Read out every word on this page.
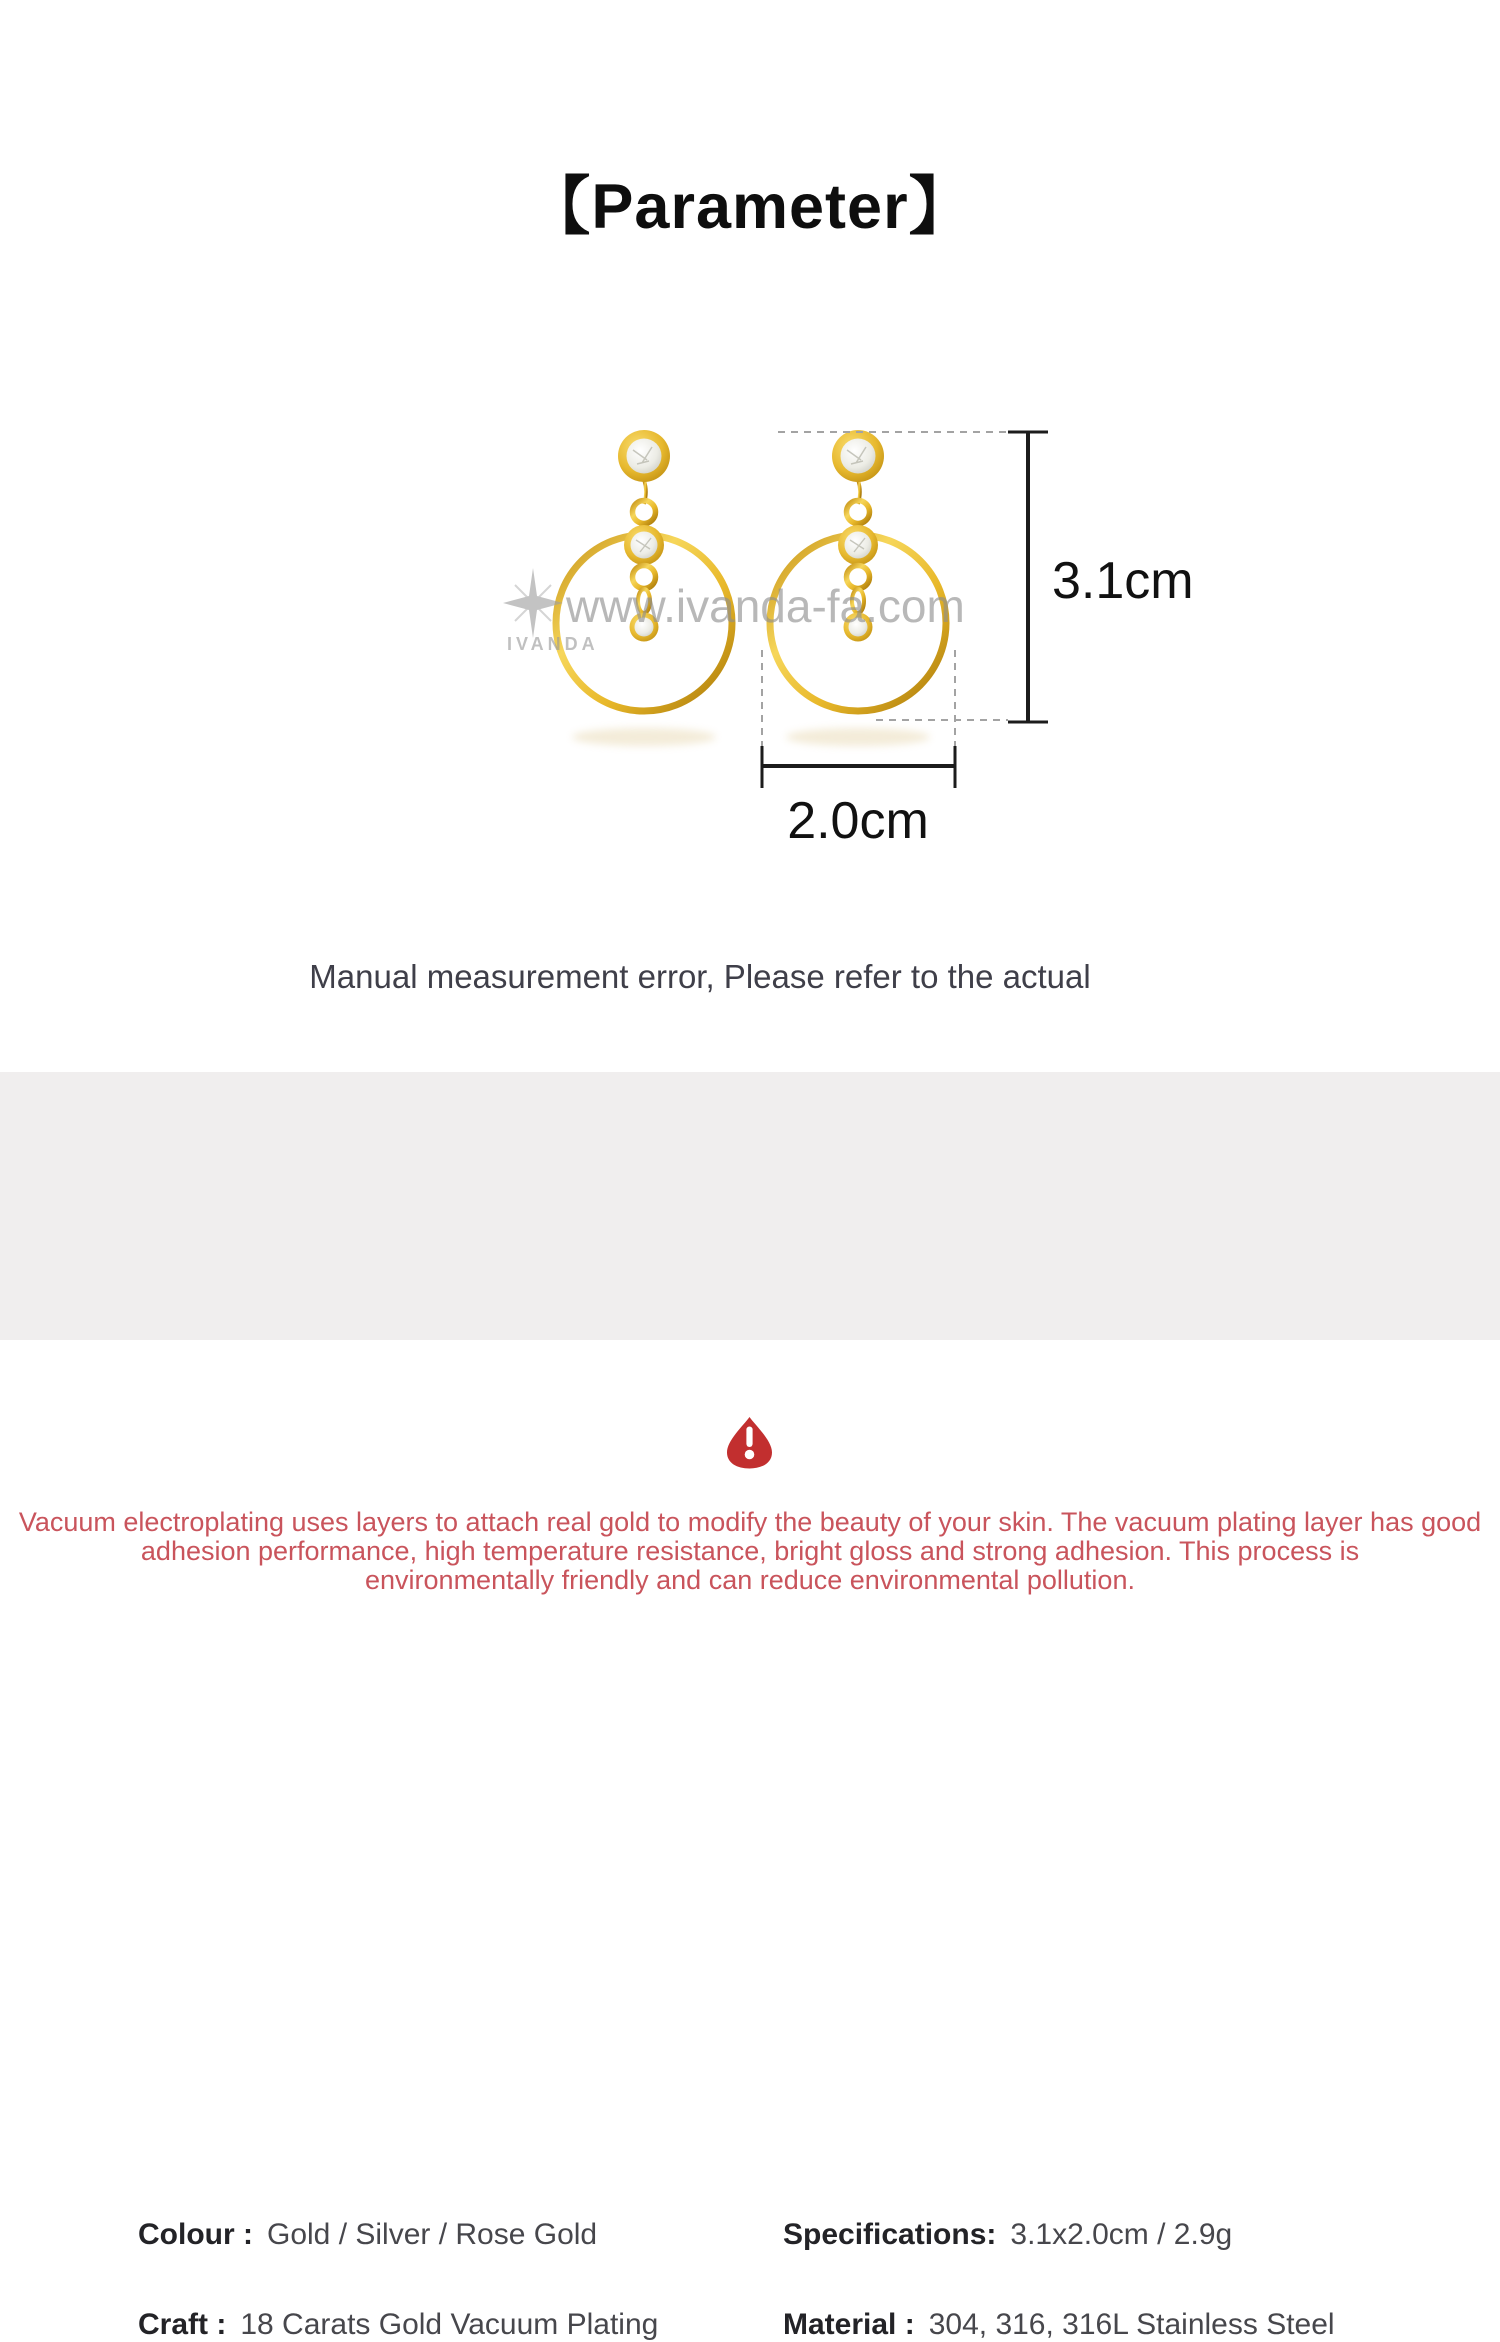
【Parameter】
IVANDA
www.ivanda-fa.com 3.1cm
2.0cm
Manual measurement error, Please refer to the actual
Colour : Gold / Silver / Rose Gold	Specifications: 3.1x2.0cm / 2.9g
Craft : 18 Carats Gold Vacuum Plating	Material : 304, 316, 316L Stainless Steel
Vacuum electroplating uses layers to attach real gold to modify the beauty of your skin. The vacuum plating layer has good
adhesion performance, high temperature resistance, bright gloss and strong adhesion. This process is
environmentally friendly and can reduce environmental pollution.
